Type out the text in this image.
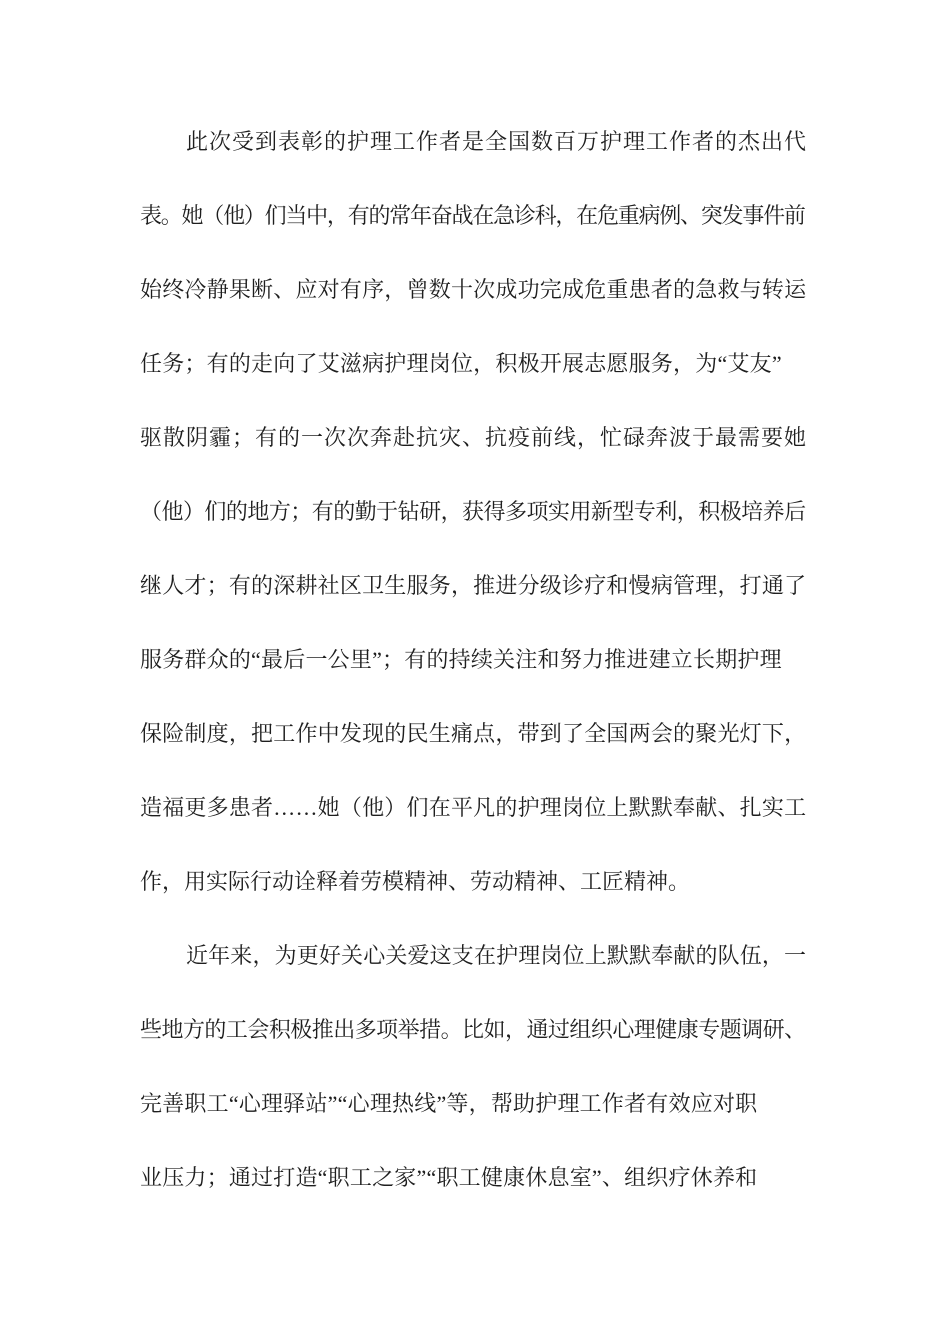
此次受到表彰的护理工作者是全国数百万护理工作者的杰出代
表。她（他）们当中，有的常年奋战在急诊科，在危重病例、突发事件前
始终冷静果断、应对有序，曾数十次成功完成危重患者的急救与转运
任务；有的走向了艾滋病护理岗位，积极开展志愿服务，为“艾友”
驱散阴霾；有的一次次奔赴抗灾、抗疫前线，忙碌奔波于最需要她
（他）们的地方；有的勤于钻研，获得多项实用新型专利，积极培养后
继人才；有的深耕社区卫生服务，推进分级诊疗和慢病管理，打通了
服务群众的“最后一公里”；有的持续关注和努力推进建立长期护理
保险制度，把工作中发现的民生痛点，带到了全国两会的聚光灯下，
造福更多患者……她（他）们在平凡的护理岗位上默默奉献、扎实工
作，用实际行动诠释着劳模精神、劳动精神、工匠精神。
近年来，为更好关心关爱这支在护理岗位上默默奉献的队伍，一
些地方的工会积极推出多项举措。比如，通过组织心理健康专题调研、
完善职工“心理驿站”“心理热线”等，帮助护理工作者有效应对职
业压力；通过打造“职工之家”“职工健康休息室”、组织疗休养和
